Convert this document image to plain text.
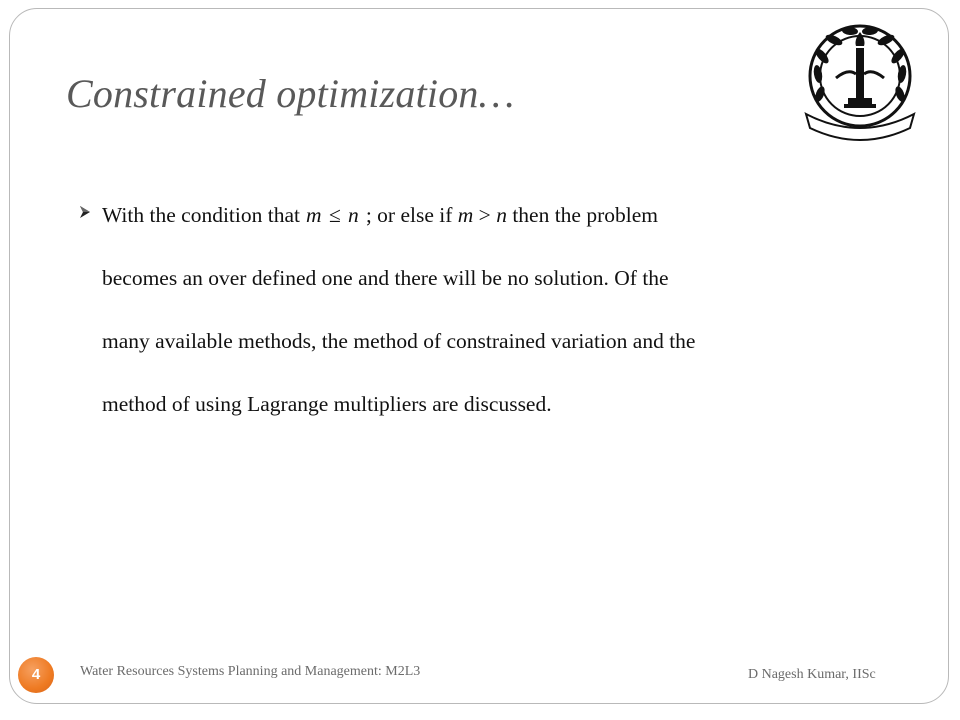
Constrained optimization…
With the condition that m ≤ n ; or else if m > n then the problem
becomes an over defined one and there will be no solution. Of the
many available methods, the method of constrained variation and the
method of using Lagrange multipliers are discussed.
4	Water Resources Systems Planning and Management: M2L3	D Nagesh Kumar, IISc
